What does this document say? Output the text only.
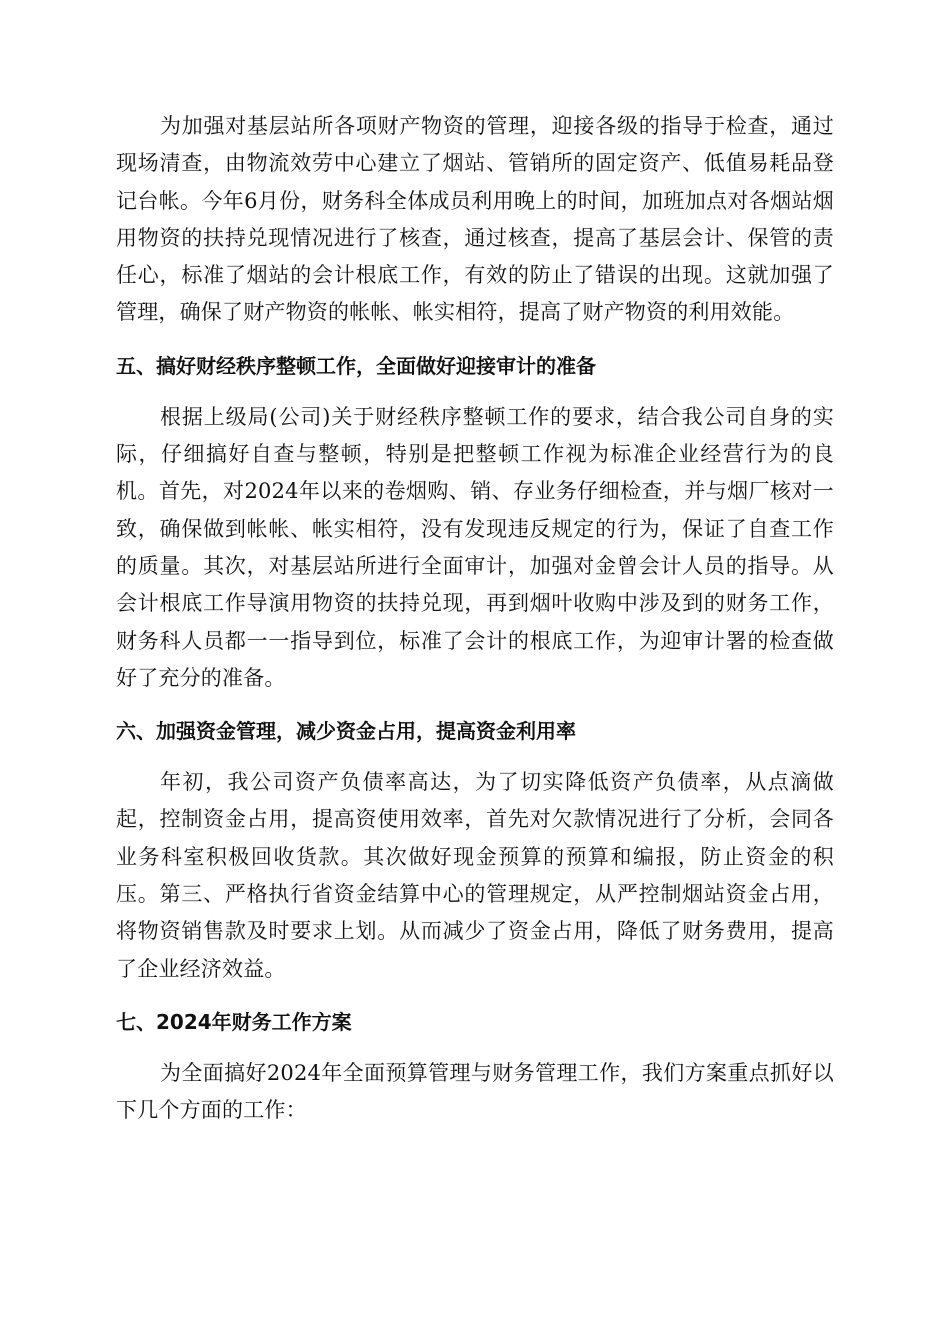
为加强对基层站所各项财产物资的管理，迎接各级的指导于检查，通过现场清查，由物流效劳中心建立了烟站、管销所的固定资产、低值易耗品登记台帐。今年6月份，财务科全体成员利用晚上的时间，加班加点对各烟站烟用物资的扶持兑现情况进行了核查，通过核查，提高了基层会计、保管的责任心，标准了烟站的会计根底工作，有效的防止了错误的出现。这就加强了管理，确保了财产物资的帐帐、帐实相符，提高了财产物资的利用效能。

五、搞好财经秩序整顿工作，全面做好迎接审计的准备

根据上级局(公司)关于财经秩序整顿工作的要求，结合我公司自身的实际，仔细搞好自查与整顿，特别是把整顿工作视为标准企业经营行为的良机。首先，对2024年以来的卷烟购、销、存业务仔细检查，并与烟厂核对一致，确保做到帐帐、帐实相符，没有发现违反规定的行为，保证了自查工作的质量。其次，对基层站所进行全面审计，加强对金曾会计人员的指导。从会计根底工作导演用物资的扶持兑现，再到烟叶收购中涉及到的财务工作，财务科人员都一一指导到位，标准了会计的根底工作，为迎审计署的检查做好了充分的准备。

六、加强资金管理，减少资金占用，提高资金利用率

年初，我公司资产负债率高达，为了切实降低资产负债率，从点滴做起，控制资金占用，提高资使用效率，首先对欠款情况进行了分析，会同各业务科室积极回收货款。其次做好现金预算的预算和编报，防止资金的积压。第三、严格执行省资金结算中心的管理规定，从严控制烟站资金占用，将物资销售款及时要求上划。从而减少了资金占用，降低了财务费用，提高了企业经济效益。

七、2024年财务工作方案

为全面搞好2024年全面预算管理与财务管理工作，我们方案重点抓好以下几个方面的工作：
